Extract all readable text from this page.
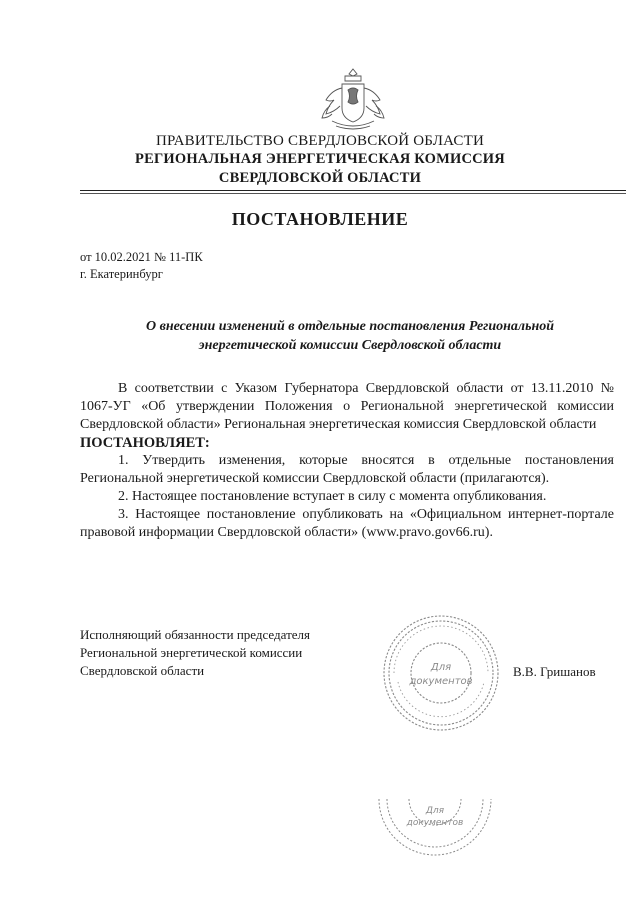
ПРАВИТЕЛЬСТВО СВЕРДЛОВСКОЙ ОБЛАСТИ
РЕГИОНАЛЬНАЯ ЭНЕРГЕТИЧЕСКАЯ КОМИССИЯ
СВЕРДЛОВСКОЙ ОБЛАСТИ
ПОСТАНОВЛЕНИЕ
от 10.02.2021 № 11-ПК
г. Екатеринбург
О внесении изменений в отдельные постановления Региональной энергетической комиссии Свердловской области

В соответствии с Указом Губернатора Свердловской области от 13.11.2010 № 1067-УГ «Об утверждении Положения о Региональной энергетической комиссии Свердловской области» Региональная энергетическая комиссия Свердловской области

ПОСТАНОВЛЯЕТ:

1. Утвердить изменения, которые вносятся в отдельные постановления Региональной энергетической комиссии Свердловской области (прилагаются).

2. Настоящее постановление вступает в силу с момента опубликования.

3. Настоящее постановление опубликовать на «Официальном интернет-портале правовой информации Свердловской области» (www.pravo.gov66.ru).

Исполняющий обязанности председателя
Региональной энергетической комиссии
Свердловской области	Для
документов
В.В. Гришанов
Для
документов
